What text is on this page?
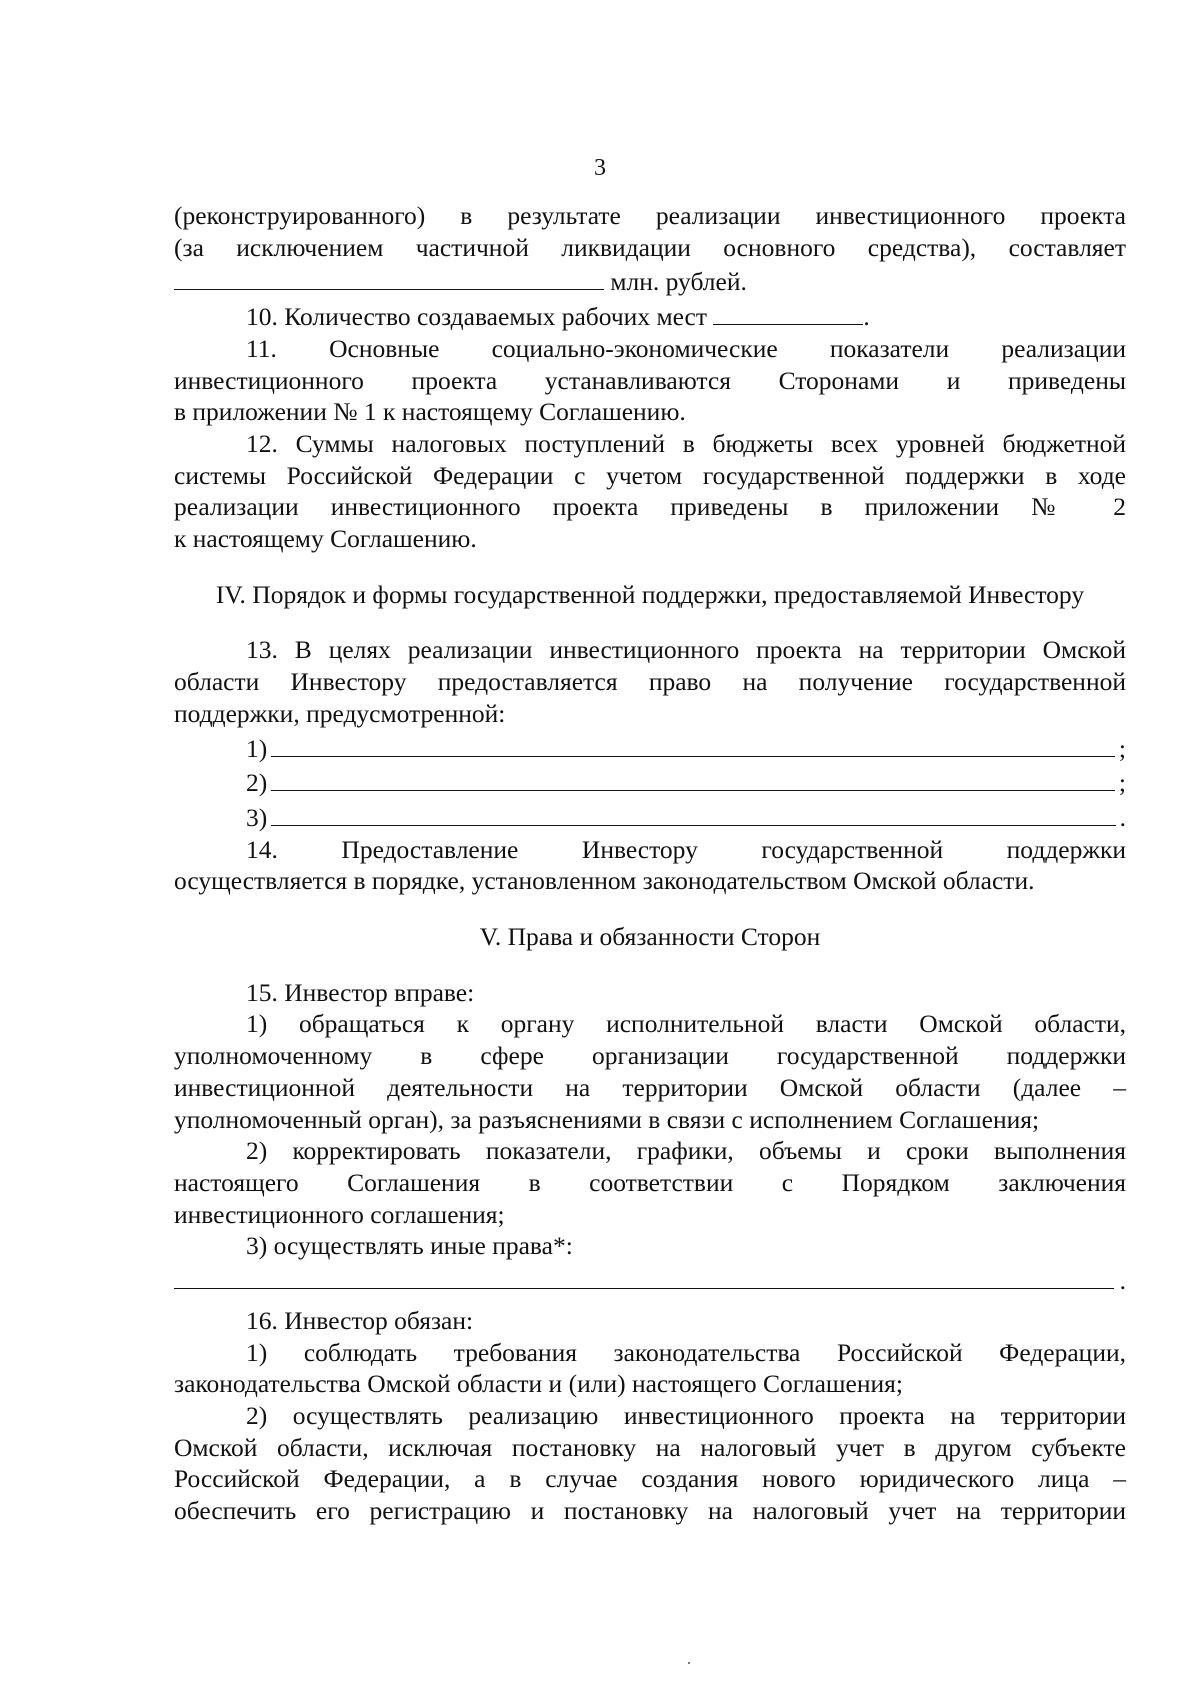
3
(реконструированного) в результате реализации инвестиционного проекта
(за исключением частичной ликвидации основного средства), составляет
млн. рублей.
10. Количество создаваемых рабочих мест	.
11. Основные социально-экономические показатели реализации
инвестиционного проекта устанавливаются Сторонами и приведены
в приложении № 1 к настоящему Соглашению.
12. Суммы налоговых поступлений в бюджеты всех уровней бюджетной
системы Российской Федерации с учетом государственной поддержки в ходе
реализации инвестиционного проекта приведены в приложении № 2
к настоящему Соглашению.
IV. Порядок и формы государственной поддержки, предоставляемой Инвестору
13. В целях реализации инвестиционного проекта на территории Омской
области Инвестору предоставляется право на получение государственной
поддержки, предусмотренной:
1)	;
2)	;
3)	.
14. Предоставление Инвестору государственной поддержки
осуществляется в порядке, установленном законодательством Омской области.
V. Права и обязанности Сторон
15. Инвестор вправе:
1) обращаться к органу исполнительной власти Омской области,
уполномоченному в сфере организации государственной поддержки
инвестиционной деятельности на территории Омской области (далее –
уполномоченный орган), за разъяснениями в связи с исполнением Соглашения;
2) корректировать показатели, графики, объемы и сроки выполнения
настоящего Соглашения в соответствии с Порядком заключения
инвестиционного соглашения;
3) осуществлять иные права*:
.
16. Инвестор обязан:
1) соблюдать требования законодательства Российской Федерации,
законодательства Омской области и (или) настоящего Соглашения;
2) осуществлять реализацию инвестиционного проекта на территории
Омской области, исключая постановку на налоговый учет в другом субъекте
Российской Федерации, а в случае создания нового юридического лица –
обеспечить его регистрацию и постановку на налоговый учет на территории
